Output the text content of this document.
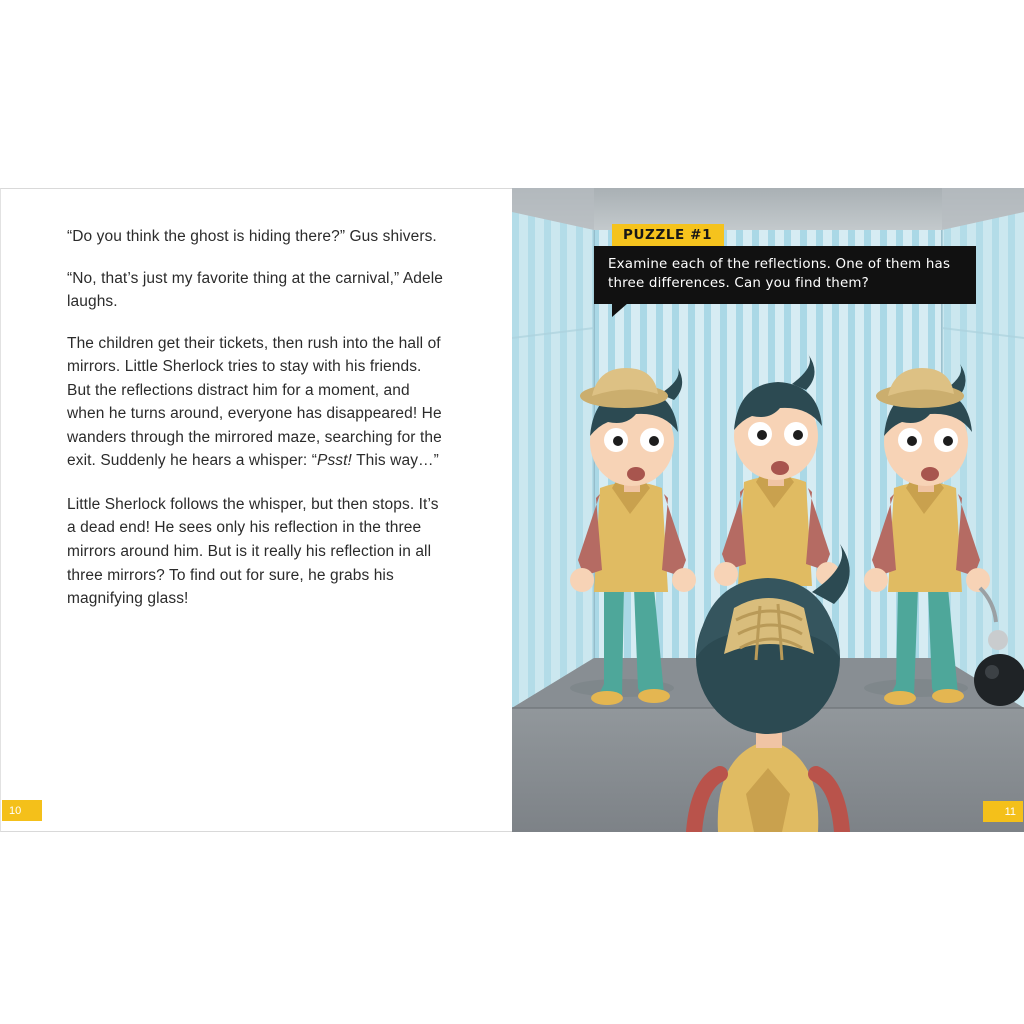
“Do you think the ghost is hiding there?” Gus shivers.

“No, that’s just my favorite thing at the carnival,” Adele laughs.

The children get their tickets, then rush into the hall of mirrors. Little Sherlock tries to stay with his friends. But the reflections distract him for a moment, and when he turns around, everyone has disappeared! He wanders through the mirrored maze, searching for the exit. Suddenly he hears a whisper: “Psst! This way…”

Little Sherlock follows the whisper, but then stops. It’s a dead end! He sees only his reflection in the three mirrors around him. But is it really his reflection in all three mirrors? To find out for sure, he grabs his magnifying glass!

10
PUZZLE #1
Examine each of the reflections. One of them has three differences. Can you find them?
11
